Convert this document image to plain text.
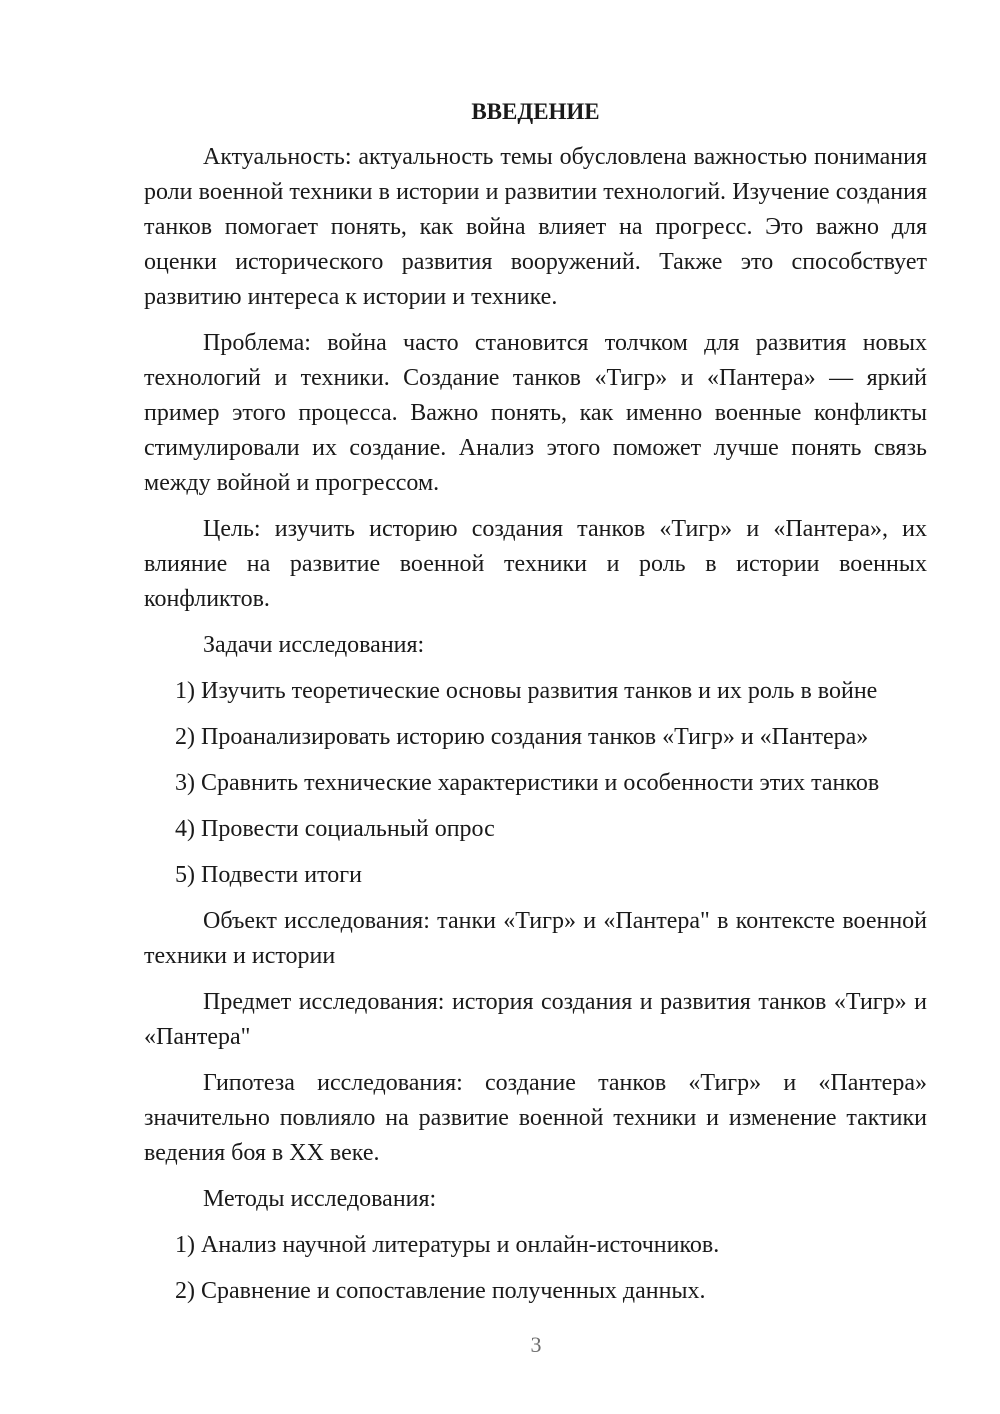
ВВЕДЕНИЕ

Актуальность: актуальность темы обусловлена важностью понимания роли военной техники в истории и развитии технологий. Изучение создания танков помогает понять, как война влияет на прогресс. Это важно для оценки исторического развития вооружений. Также это способствует развитию интереса к истории и технике.

Проблема: война часто становится толчком для развития новых технологий и техники. Создание танков «Тигр» и «Пантера» — яркий пример этого процесса. Важно понять, как именно военные конфликты стимулировали их создание. Анализ этого поможет лучше понять связь между войной и прогрессом.

Цель: изучить историю создания танков «Тигр» и «Пантера», их влияние на развитие военной техники и роль в истории военных конфликтов.

Задачи исследования:

1) Изучить теоретические основы развития танков и их роль в войне

2) Проанализировать историю создания танков «Тигр» и «Пантера»

3) Сравнить технические характеристики и особенности этих танков

4) Провести социальный опрос

5) Подвести итоги

Объект исследования: танки «Тигр» и «Пантера" в контексте военной техники и истории

Предмет исследования: история создания и развития танков «Тигр» и «Пантера"

Гипотеза исследования: создание танков «Тигр» и «Пантера» значительно повлияло на развитие военной техники и изменение тактики ведения боя в XX веке.

Методы исследования:

1) Анализ научной литературы и онлайн-источников.

2) Сравнение и сопоставление полученных данных.

3
